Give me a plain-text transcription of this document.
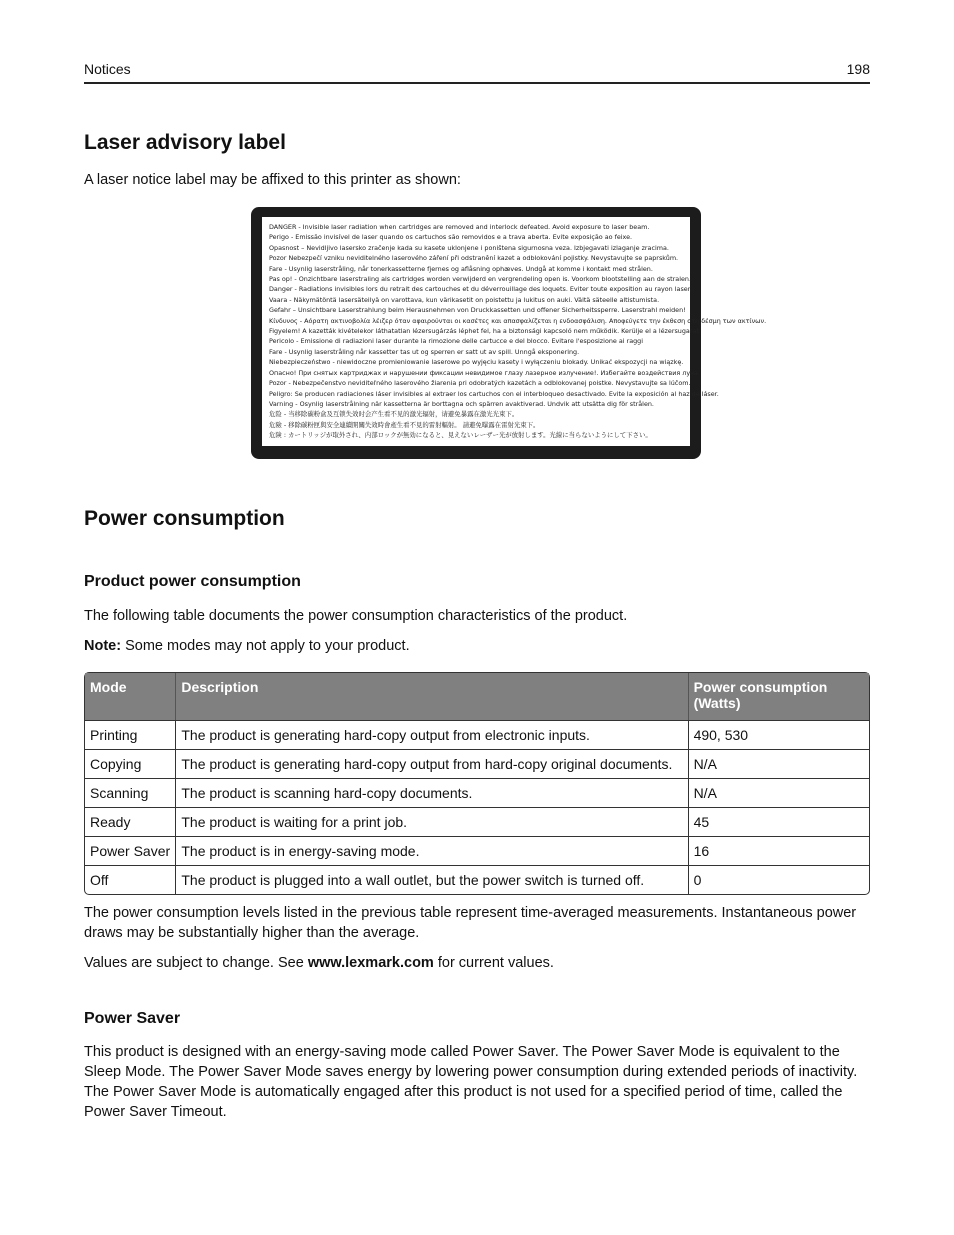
Notices	198
Laser advisory label

A laser notice label may be affixed to this printer as shown:

DANGER - Invisible laser radiation when cartridges are removed and interlock defeated. Avoid exposure to laser beam.
Perigo - Emissão invisível de laser quando os cartuchos são removidos e a trava aberta. Evite exposição ao feixe.
Opasnost – Nevidljivo lasersko zračenje kada su kasete uklonjene i poništena sigurnosna veza. Izbjegavati izlaganje zracima.
Pozor Nebezpečí vzniku neviditelného laserového záření při odstranění kazet a odblokování pojistky. Nevystavujte se paprskům.
Fare - Usynlig laserstråling, når tonerkassetterne fjernes og aflåsning ophæves. Undgå at komme i kontakt med strålen.
Pas op! - Onzichtbare laserstraling als cartridges worden verwijderd en vergrendeling open is. Voorkom blootstelling aan de stralen.
Danger - Radiations invisibles lors du retrait des cartouches et du déverrouillage des loquets. Eviter toute exposition au rayon laser.
Vaara - Näkymätöntä lasersäteilyä on varottava, kun värikasetit on poistettu ja lukitus on auki. Vältä säteelle altistumista.
Gefahr – Unsichtbare Laserstrahlung beim Herausnehmen von Druckkassetten und offener Sicherheitssperre. Laserstrahl meiden!
Κίνδυνος - Αόρατη ακτινοβολία λέιζερ όταν αφαιρούνται οι κασέτες και απασφαλίζεται η ενδοασφάλιση. Αποφεύγετε την έκθεση στη δέσμη των ακτίνων.
Figyelem! A kazetták kivételekor láthatatlan lézersugárzás léphet fel, ha a biztonsági kapcsoló nem működik. Kerülje el a lézersugarat.
Pericolo - Emissione di radiazioni laser durante la rimozione delle cartucce e del blocco. Evitare l'esposizione ai raggi
Fare - Usynlig laserstråling når kassetter tas ut og sperren er satt ut av spill. Unngå eksponering.
Niebezpieczeństwo - niewidoczne promieniowanie laserowe po wyjęciu kasety i wyłączeniu blokady. Unikać ekspozycji na wiązkę.
Опасно! При снятых картриджах и нарушении фиксации невидимое глазу лазерное излучение!. Избегайте воздействия луча.
Pozor - Nebezpečenstvo neviditeľného laserového žiarenia pri odobratých kazetách a odblokovanej poistke. Nevystavujte sa lúčom.
Peligro: Se producen radiaciones láser invisibles al extraer los cartuchos con el interbloqueo desactivado. Evite la exposición al haz de láser.
Varning - Osynlig laserstrålning när kassetterna är borttagna och spärren avaktiverad. Undvik att utsätta dig för strålen.
危险 - 当移除碳粉盒及互锁失效时会产生看不见的激光辐射，请避免暴露在激光光束下。
危險 - 移除碳粉匣與安全連續開關失效時會產生看不見的雷射輻射。 請避免曝露在雷射光束下。
危険 : カートリッジが取外され、内部ロックが無効になると、見えないレーザー光が放射します。光線に当らないようにして下さい。
Power consumption
Product power consumption

The following table documents the power consumption characteristics of the product.

Note: Some modes may not apply to your product.

Mode	Description	Power consumption (Watts)
Printing	The product is generating hard-copy output from electronic inputs.	490, 530
Copying	The product is generating hard-copy output from hard-copy original documents.	N/A
Scanning	The product is scanning hard-copy documents.	N/A
Ready	The product is waiting for a print job.	45
Power Saver	The product is in energy-saving mode.	16
Off	The product is plugged into a wall outlet, but the power switch is turned off.	0

The power consumption levels listed in the previous table represent time-averaged measurements. Instantaneous power draws may be substantially higher than the average.

Values are subject to change. See www.lexmark.com for current values.

Power Saver

This product is designed with an energy-saving mode called Power Saver. The Power Saver Mode is equivalent to the Sleep Mode. The Power Saver Mode saves energy by lowering power consumption during extended periods of inactivity. The Power Saver Mode is automatically engaged after this product is not used for a specified period of time, called the Power Saver Timeout.
